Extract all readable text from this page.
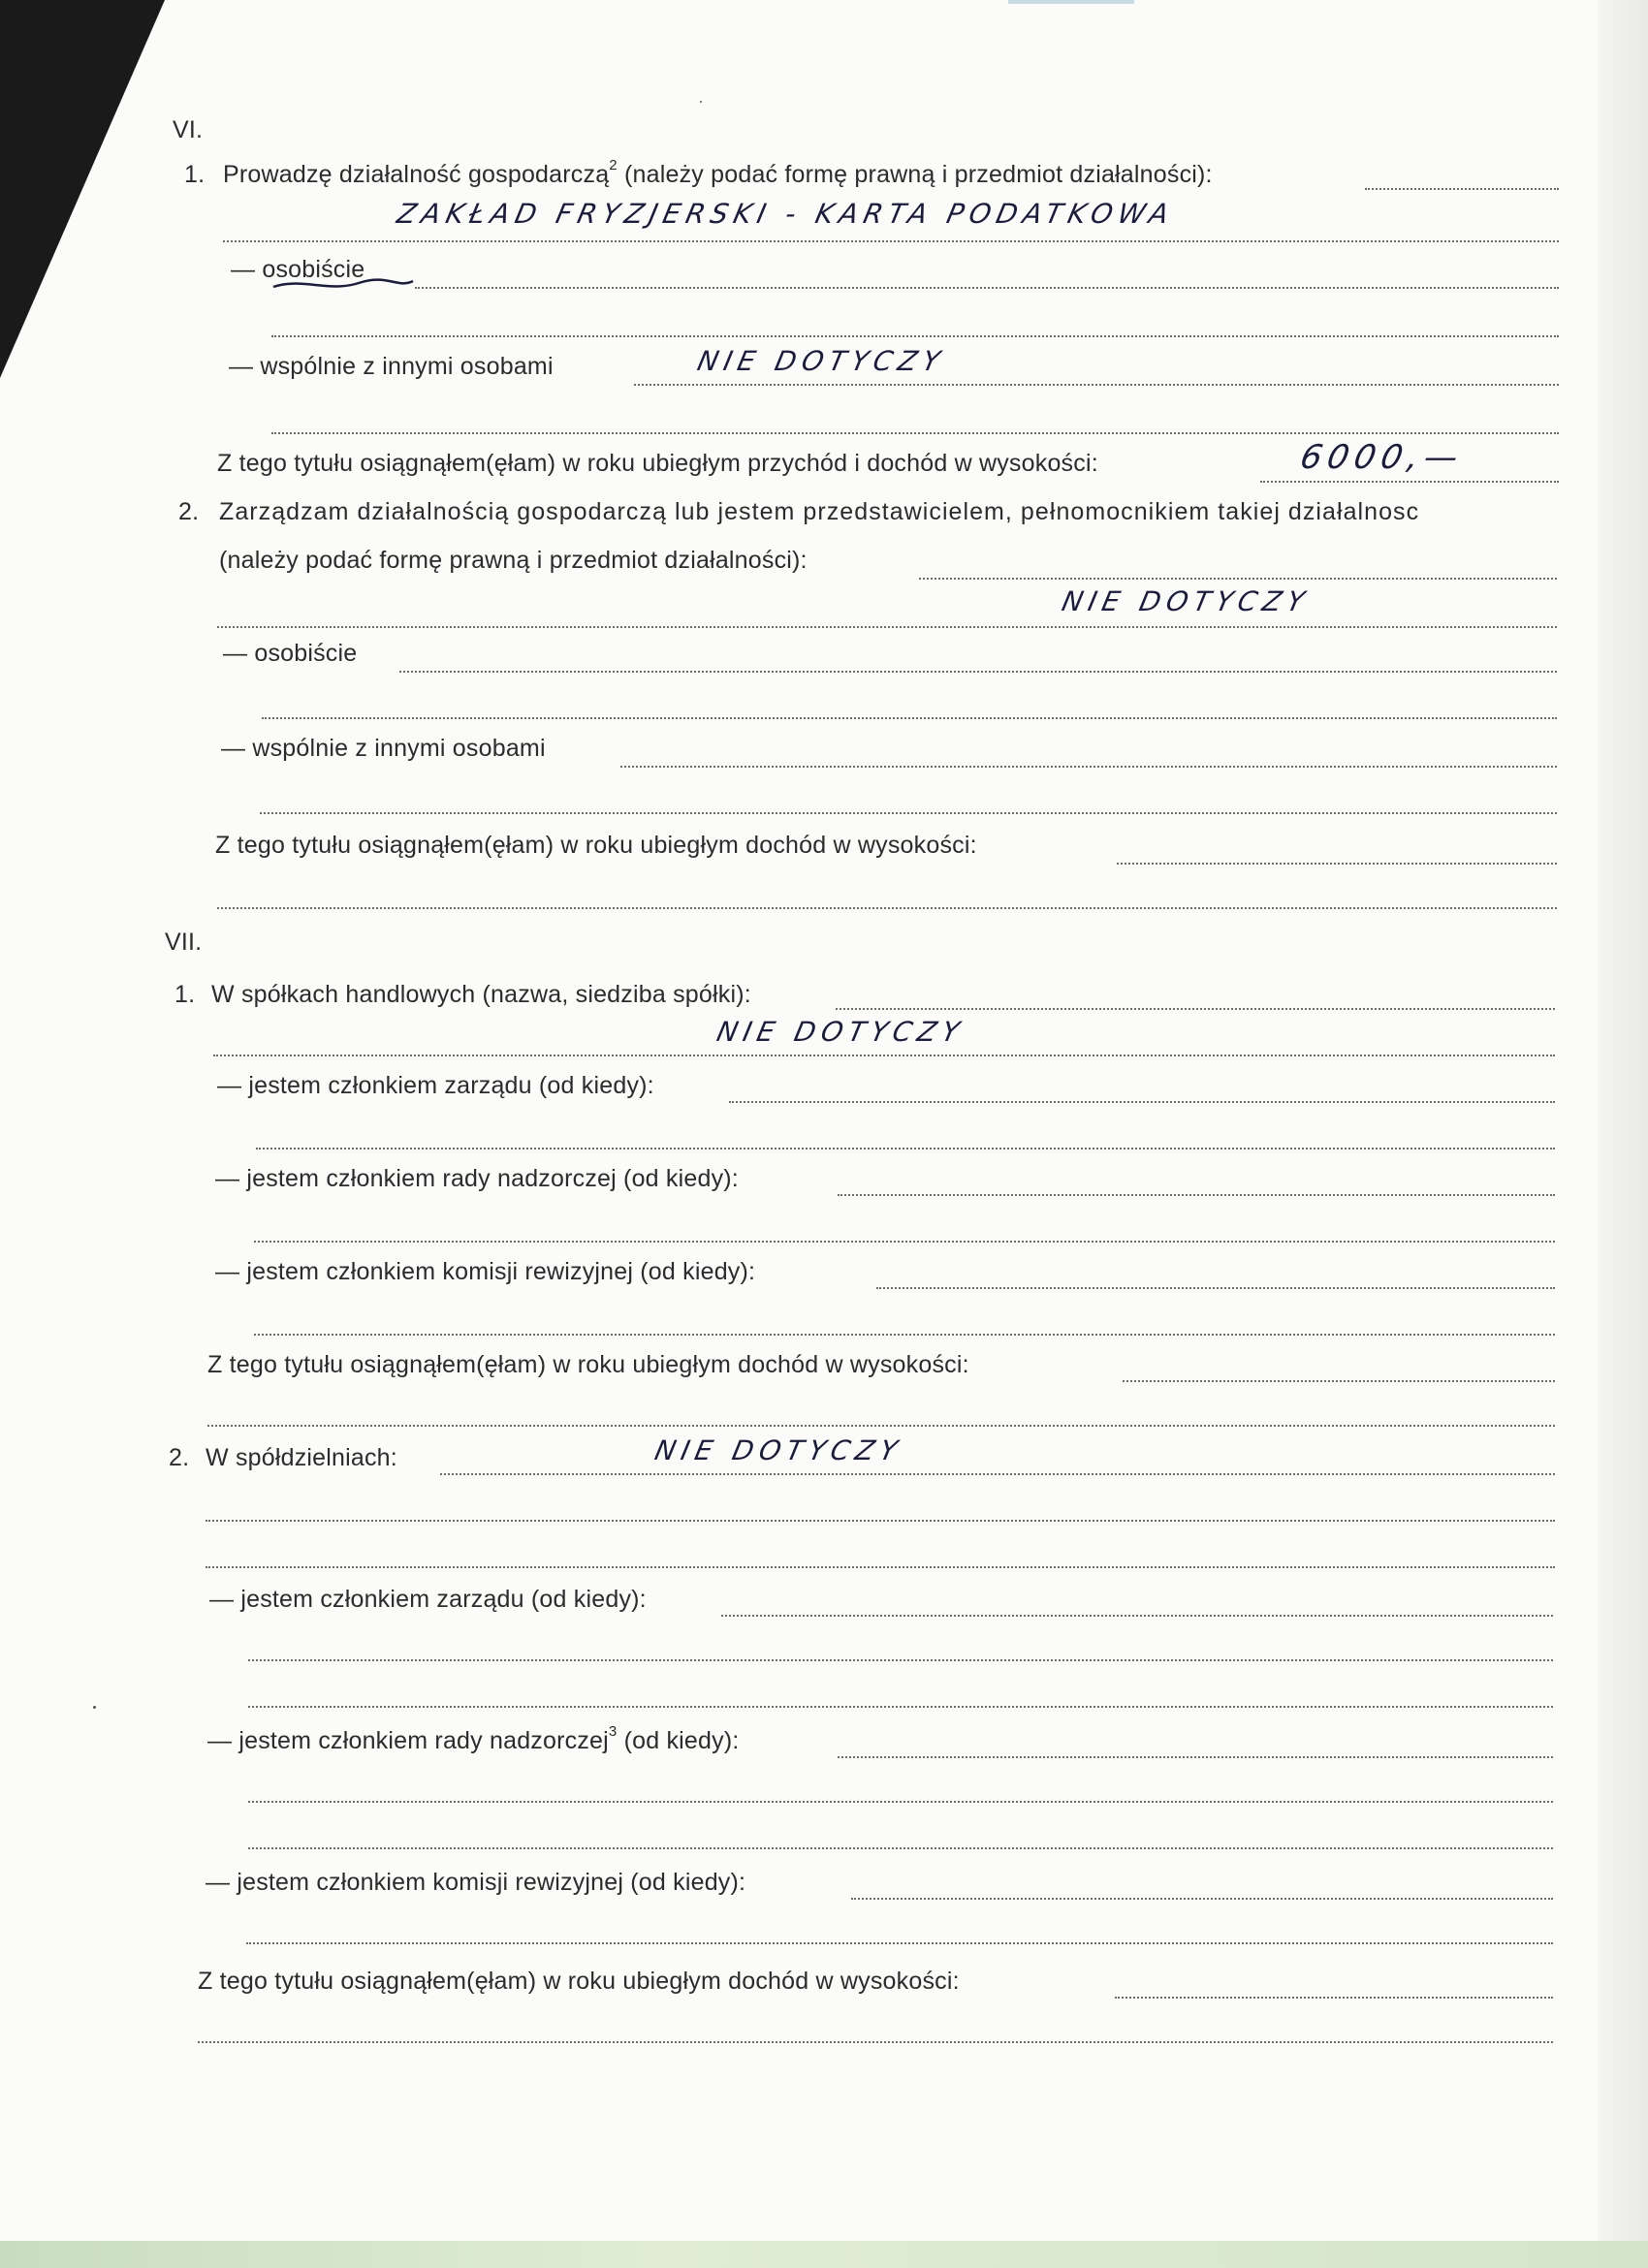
VI.
1. Prowadzę działalność gospodarczą$^2$ (należy podać formę prawną i przedmiot działalności):
ZAKŁAD FRYZJERSKI - KARTA PODATKOWA
— osobiście
— wspólnie z innymi osobami	NIE DOTYCZY
Z tego tytułu osiągnąłem(ęłam) w roku ubiegłym przychód i dochód w wysokości:	6000,—
2. Zarządzam działalnością gospodarczą lub jestem przedstawicielem, pełnomocnikiem takiej działalnosc
(należy podać formę prawną i przedmiot działalności):
NIE DOTYCZY
— osobiście
— wspólnie z innymi osobami
Z tego tytułu osiągnąłem(ęłam) w roku ubiegłym dochód w wysokości:
VII.
1. W spółkach handlowych (nazwa, siedziba spółki):
NIE DOTYCZY
— jestem członkiem zarządu (od kiedy):
— jestem członkiem rady nadzorczej (od kiedy):
— jestem członkiem komisji rewizyjnej (od kiedy):
Z tego tytułu osiągnąłem(ęłam) w roku ubiegłym dochód w wysokości:
2. W spółdzielniach:	NIE DOTYCZY
— jestem członkiem zarządu (od kiedy):
— jestem członkiem rady nadzorczej$^3$ (od kiedy):
— jestem członkiem komisji rewizyjnej (od kiedy):
Z tego tytułu osiągnąłem(ęłam) w roku ubiegłym dochód w wysokości:
